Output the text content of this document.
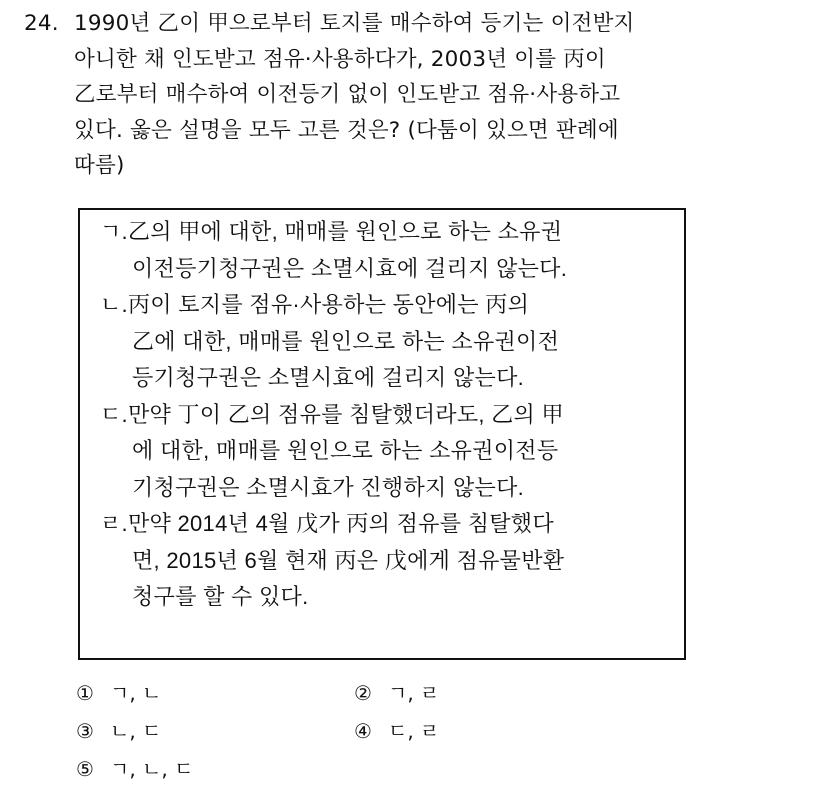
24. 1990년 乙이 甲으로부터 토지를 매수하여 등기는 이전받지
아니한 채 인도받고 점유·사용하다가, 2003년 이를 丙이
乙로부터 매수하여 이전등기 없이 인도받고 점유·사용하고
있다. 옳은 설명을 모두 고른 것은? (다툼이 있으면 판례에
따름)
ㄱ.乙의 甲에 대한, 매매를 원인으로 하는 소유권
이전등기청구권은 소멸시효에 걸리지 않는다.
ㄴ.丙이 토지를 점유·사용하는 동안에는 丙의
乙에 대한, 매매를 원인으로 하는 소유권이전
등기청구권은 소멸시효에 걸리지 않는다.
ㄷ.만약 丁이 乙의 점유를 침탈했더라도, 乙의 甲
에 대한, 매매를 원인으로 하는 소유권이전등
기청구권은 소멸시효가 진행하지 않는다.
ㄹ.만약 2014년 4월 戊가 丙의 점유를 침탈했다
면, 2015년 6월 현재 丙은 戊에게 점유물반환
청구를 할 수 있다.
① ㄱ, ㄴ	② ㄱ, ㄹ
③ ㄴ, ㄷ	④ ㄷ, ㄹ
⑤ ㄱ, ㄴ, ㄷ
